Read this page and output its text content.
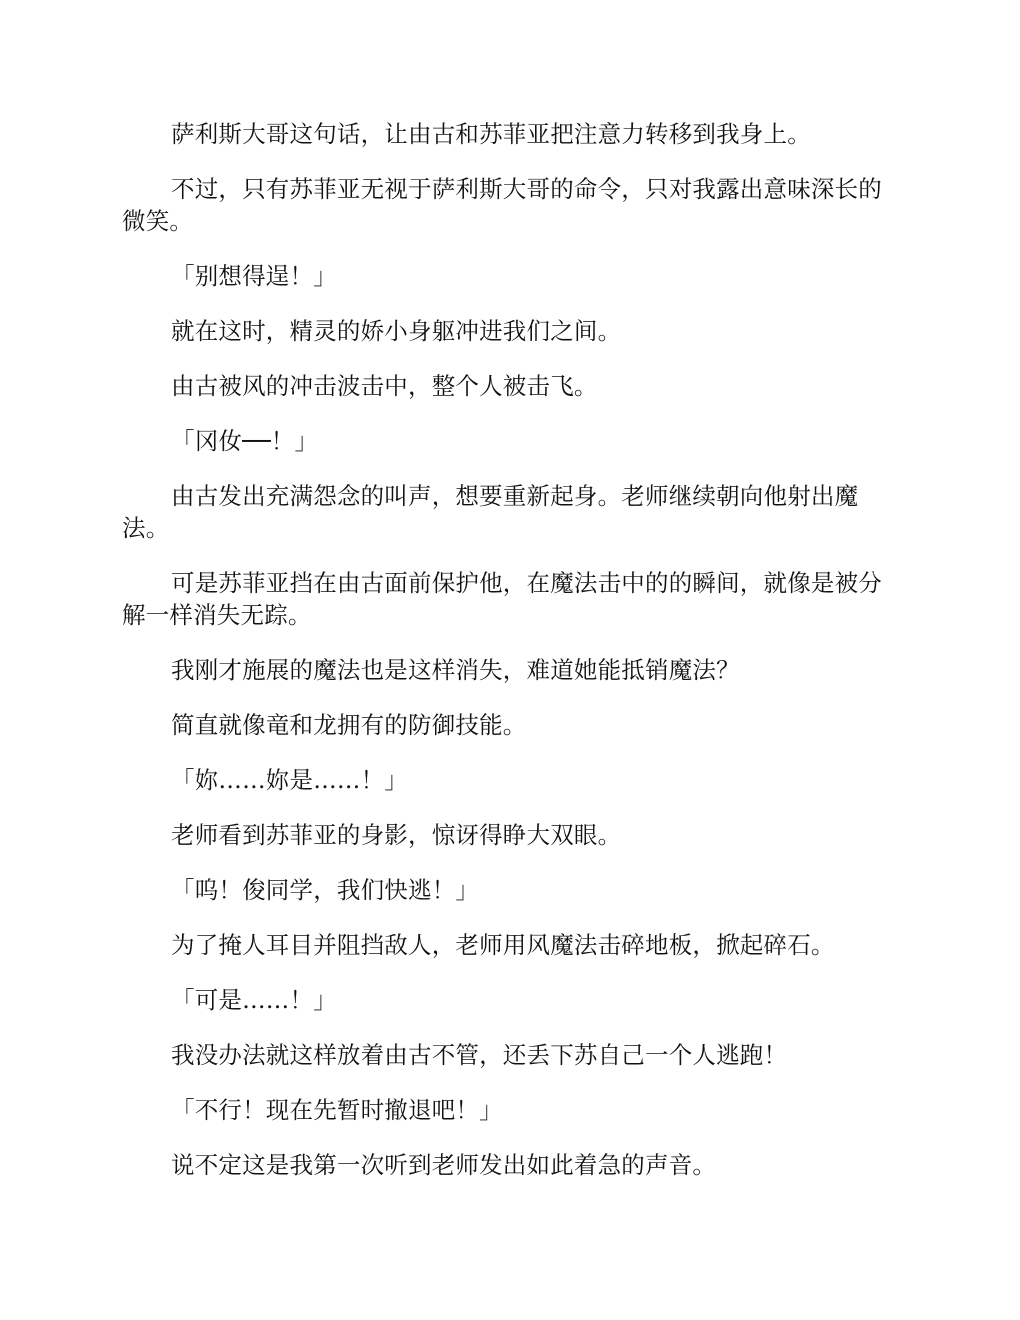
萨利斯大哥这句话，让由古和苏菲亚把注意力转移到我身上。

不过，只有苏菲亚无视于萨利斯大哥的命令，只对我露出意味深长的微笑。

「别想得逞！」

就在这时，精灵的娇小身躯冲进我们之间。

由古被风的冲击波击中，整个人被击飞。

「冈㚢──！」

由古发出充满怨念的叫声，想要重新起身。老师继续朝向他射出魔法。

可是苏菲亚挡在由古面前保护他，在魔法击中的的瞬间，就像是被分解一样消失无踪。

我刚才施展的魔法也是这样消失，难道她能抵销魔法？

简直就像竜和龙拥有的防御技能。

「妳……妳是……！」

老师看到苏菲亚的身影，惊讶得睁大双眼。

「呜！俊同学，我们快逃！」

为了掩人耳目并阻挡敌人，老师用风魔法击碎地板，掀起碎石。

「可是……！」

我没办法就这样放着由古不管，还丢下苏自己一个人逃跑！

「不行！现在先暂时撤退吧！」

说不定这是我第一次听到老师发出如此着急的声音。
